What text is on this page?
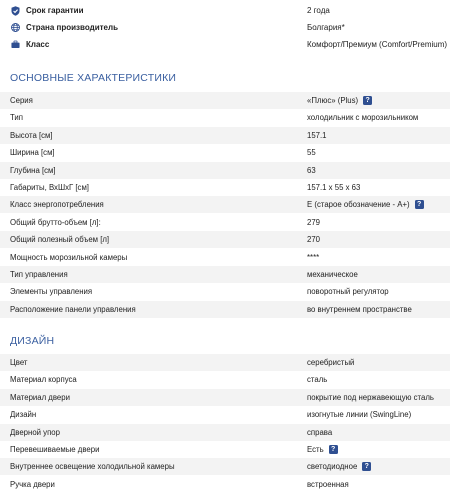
Срок гарантии	2 года
Страна производитель	Болгария*
Класс	Комфорт/Премиум (Comfort/Premium)
ОСНОВНЫЕ ХАРАКТЕРИСТИКИ
Серия	«Плюс» (Plus)	?
Тип	холодильник с морозильником
Высота [см]	157.1
Ширина [см]	55
Глубина [см]	63
Габариты, ВхШхГ [см]	157.1 x 55 x 63
Класс энергопотребления	E (старое обозначение - A+)	?
Общий брутто-объем [л]:	279
Общий полезный объем [л]	270
Мощность морозильной камеры	****
Тип управления	механическое
Элементы управления	поворотный регулятор
Расположение панели управления	во внутреннем пространстве
ДИЗАЙН
Цвет	серебристый
Материал корпуса	сталь
Материал двери	покрытие под нержавеющую сталь
Дизайн	изогнутые линии (SwingLine)
Дверной упор	справа
Перевешиваемые двери	Есть	?
Внутреннее освещение холодильной камеры	светодиодное	?
Ручка двери	встроенная
